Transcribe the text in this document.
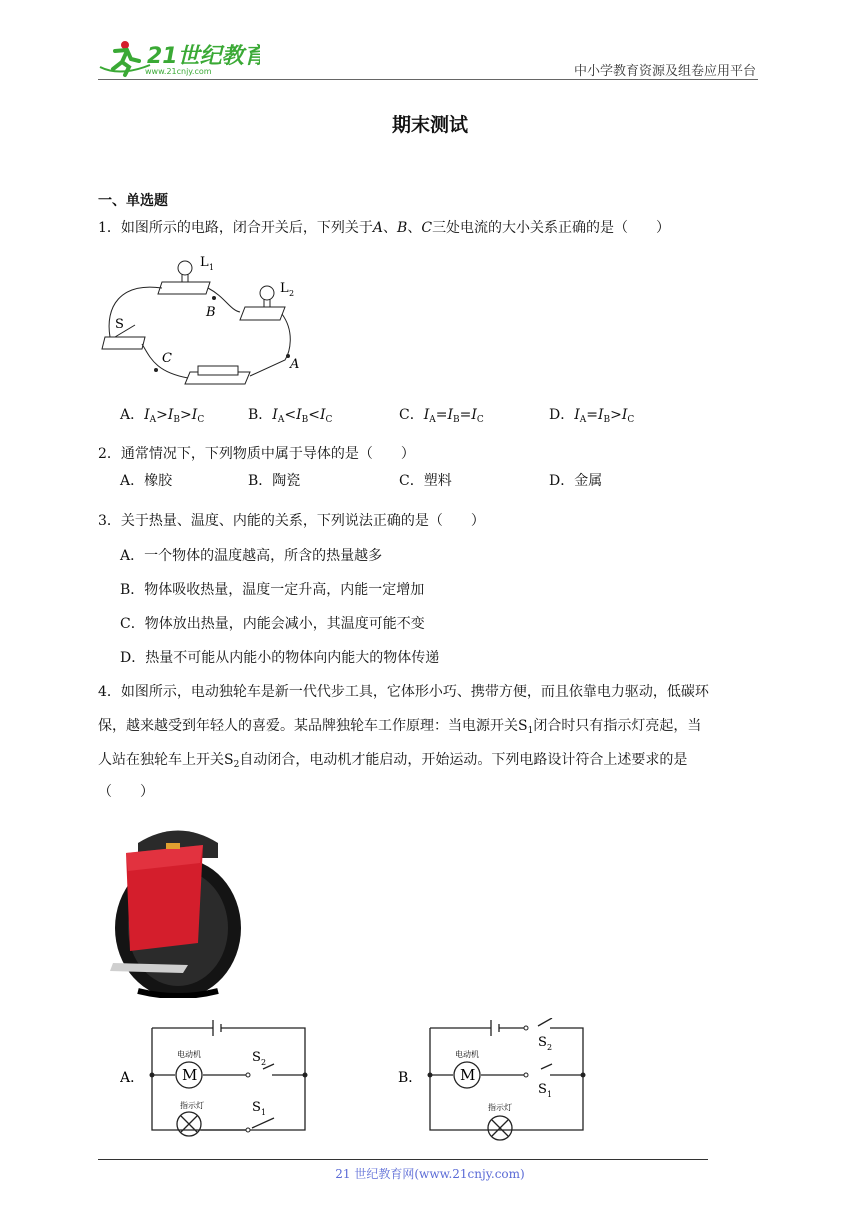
21世纪教育
www.21cnjy.com	中小学教育资源及组卷应用平台
期末测试
一、单选题
1．如图所示的电路，闭合开关后，下列关于A、B、C三处电流的大小关系正确的是（　　）
L 1
L 2
S
B
C	A
A．$I_A>I_B>I_C$	B．$I_A<I_B<I_C$	C．$I_A=I_B=I_C$	D．$I_A=I_B>I_C$
2．通常情况下，下列物质中属于导体的是（　　）
A．橡胶	B．陶瓷	C．塑料	D．金属
3．关于热量、温度、内能的关系，下列说法正确的是（　　）
A．一个物体的温度越高，所含的热量越多
B．物体吸收热量，温度一定升高，内能一定增加
C．物体放出热量，内能会减小，其温度可能不变
D．热量不可能从内能小的物体向内能大的物体传递
4．如图所示，电动独轮车是新一代代步工具，它体形小巧、携带方便，而且依靠电力驱动，低碳环
保，越来越受到年轻人的喜爱。某品牌独轮车工作原理：当电源开关$S_1$闭合时只有指示灯亮起，当
人站在独轮车上开关$S_2$自动闭合，电动机才能启动，开始运动。下列电路设计符合上述要求的是
（　　）
A．
电动机
M
指示灯
S 2
S 1
B．
电动机
M
指示灯
S 2
S 1
21 世纪教育网(www.21cnjy.com)
